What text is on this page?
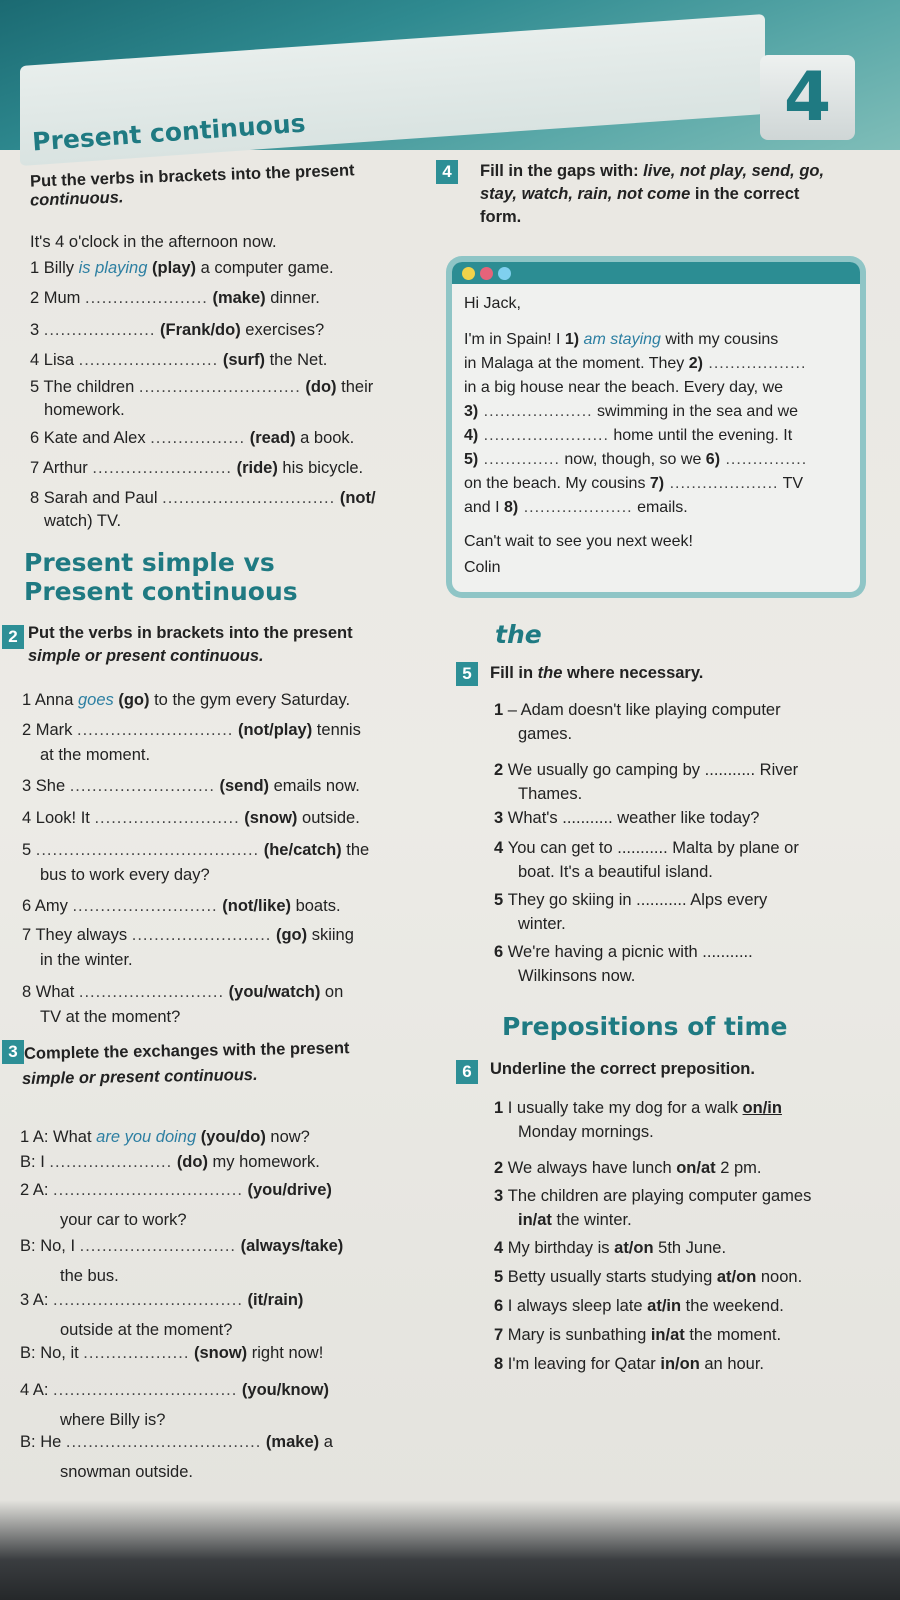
4
Present continuous
Put the verbs in brackets into the present
continuous.
It's 4 o'clock in the afternoon now.
1 Billy is playing (play) a computer game.
2 Mum ...................... (make) dinner.
3 .................... (Frank/do) exercises?
4 Lisa ......................... (surf) the Net.
5 The children ............................. (do) their
homework.
6 Kate and Alex ................. (read) a book.
7 Arthur ......................... (ride) his bicycle.
8 Sarah and Paul ............................... (not/
watch) TV.
Present simple vs
Present continuous
2 Put the verbs in brackets into the present
simple or present continuous.
1 Anna goes (go) to the gym every Saturday.
2 Mark ............................ (not/play) tennis
at the moment.
3 She .......................... (send) emails now.
4 Look! It .......................... (snow) outside.
5 ........................................ (he/catch) the
bus to work every day?
6 Amy .......................... (not/like) boats.
7 They always ......................... (go) skiing
in the winter.
8 What .......................... (you/watch) on
TV at the moment?
3 Complete the exchanges with the present
simple or present continuous.
1 A: What are you doing (you/do) now?
B: I ...................... (do) my homework.
2 A: .................................. (you/drive)
your car to work?
B: No, I ............................ (always/take)
the bus.
3 A: .................................. (it/rain)
outside at the moment?
B: No, it ................... (snow) right now!
4 A: ................................. (you/know)
where Billy is?
B: He ................................... (make) a
snowman outside.
4	Fill in the gaps with: live, not play, send, go,
stay, watch, rain, not come in the correct
form.
Hi Jack,
I'm in Spain! I 1) am staying with my cousins
in Malaga at the moment. They 2) ..................
in a big house near the beach. Every day, we
3) .................... swimming in the sea and we
4) ....................... home until the evening. It
5) .............. now, though, so we 6) ...............
on the beach. My cousins 7) .................... TV
and I 8) .................... emails.
Can't wait to see you next week!
Colin
the
5	Fill in the where necessary.
1 – Adam doesn't like playing computer
games.
2 We usually go camping by ........... River
Thames.
3 What's ........... weather like today?
4 You can get to ........... Malta by plane or
boat. It's a beautiful island.
5 They go skiing in ........... Alps every
winter.
6 We're having a picnic with ...........
Wilkinsons now.
Prepositions of time
6	Underline the correct preposition.
1 I usually take my dog for a walk on/in
Monday mornings.
2 We always have lunch on/at 2 pm.
3 The children are playing computer games
in/at the winter.
4 My birthday is at/on 5th June.
5 Betty usually starts studying at/on noon.
6 I always sleep late at/in the weekend.
7 Mary is sunbathing in/at the moment.
8 I'm leaving for Qatar in/on an hour.
